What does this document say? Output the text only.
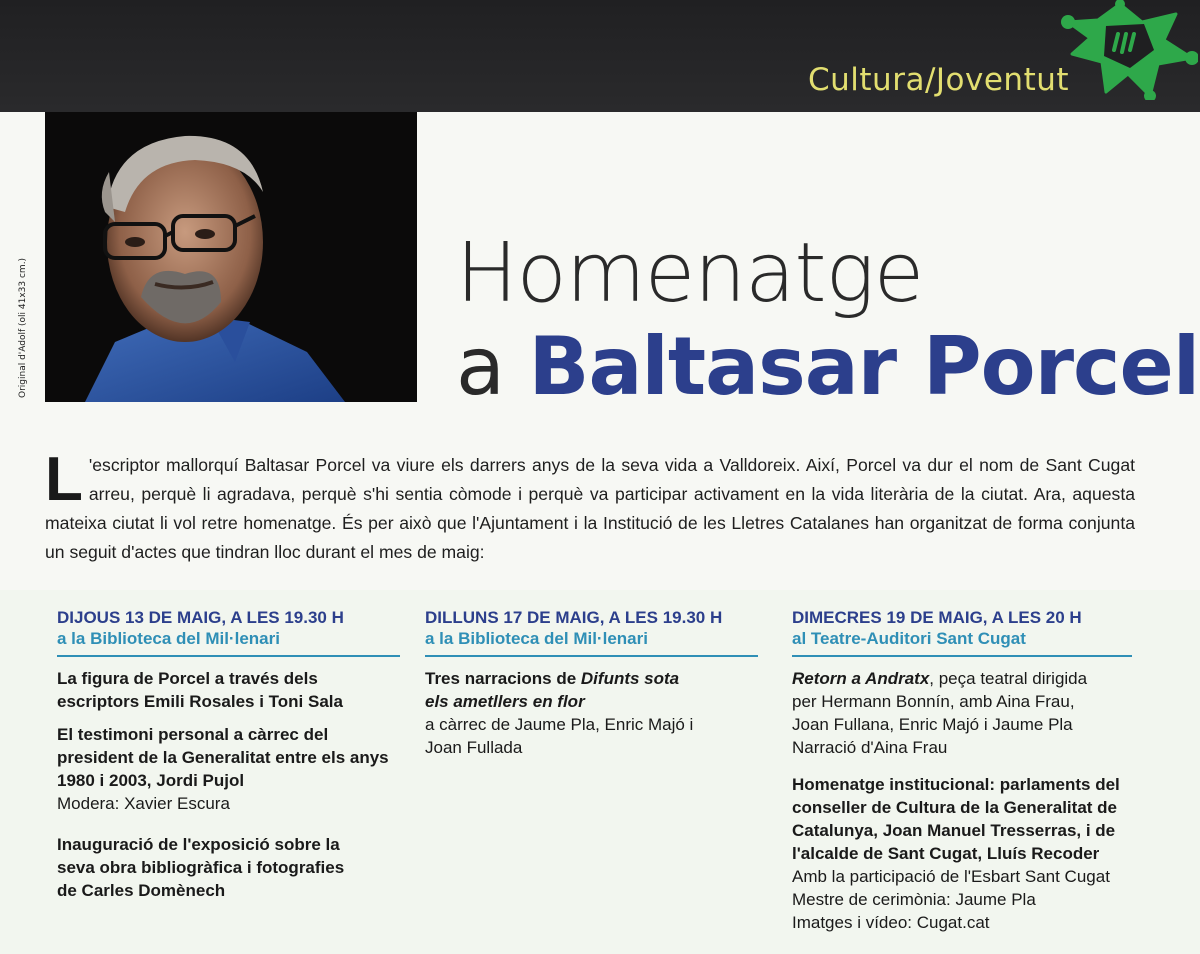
Cultura/Joventut
Original d'Adolf (oli 41x33 cm.)	Homenatge
a Baltasar Porcel
L 'escriptor mallorquí Baltasar Porcel va viure els darrers anys de la seva vida a Valldoreix. Així, Porcel va dur el nom de Sant Cugat arreu, perquè li agradava, perquè s'hi sentia còmode i perquè va participar activament en la vida literària de la ciutat. Ara, aquesta mateixa ciutat li vol retre homenatge. És per això que l'Ajuntament i la Institució de les Lletres Catalanes han organitzat de forma conjunta un seguit d'actes que tindran lloc durant el mes de maig:
DIJOUS 13 DE MAIG, A LES 19.30 H
a la Biblioteca del Mil·lenari

La figura de Porcel a través dels escriptors Emili Rosales i Toni Sala

El testimoni personal a càrrec del president de la Generalitat entre els anys 1980 i 2003, Jordi Pujol

Modera: Xavier Escura

Inauguració de l'exposició sobre la seva obra bibliogràfica i fotografies de Carles Domènech

DILLUNS 17 DE MAIG, A LES 19.30 H
a la Biblioteca del Mil·lenari

Tres narracions de Difunts sota els ametllers en flor
a càrrec de Jaume Pla, Enric Majó i Joan Fullada

DIMECRES 19 DE MAIG, A LES 20 H
al Teatre-Auditori Sant Cugat

Retorn a Andratx, peça teatral dirigida per Hermann Bonnín, amb Aina Frau, Joan Fullana, Enric Majó i Jaume Pla

Narració d'Aina Frau

Homenatge institucional: parlaments del conseller de Cultura de la Generalitat de Catalunya, Joan Manuel Tresserras, i de l'alcalde de Sant Cugat, Lluís Recoder

Amb la participació de l'Esbart Sant Cugat

Mestre de cerimònia: Jaume Pla

Imatges i vídeo: Cugat.cat
